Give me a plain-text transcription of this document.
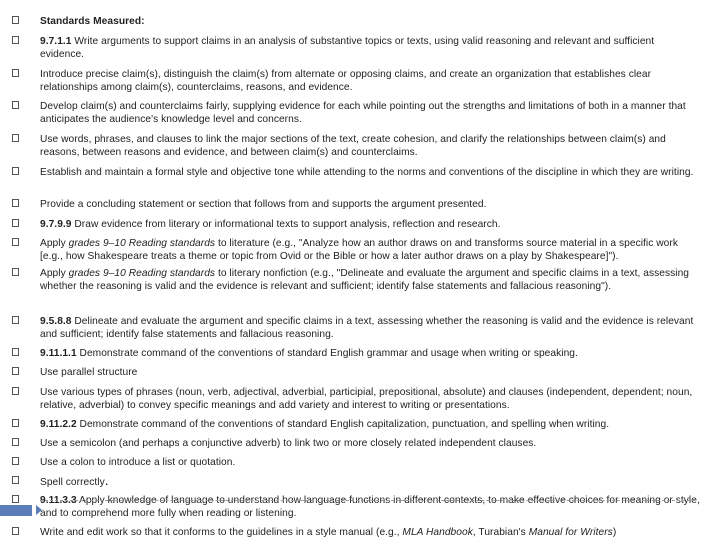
Standards Measured:
9.7.1.1 Write arguments to support claims in an analysis of substantive topics or texts, using valid reasoning and relevant and sufficient evidence.
Introduce precise claim(s), distinguish the claim(s) from alternate or opposing claims, and create an organization that establishes clear relationships among claim(s), counterclaims, reasons, and evidence.
Develop claim(s) and counterclaims fairly, supplying evidence for each while pointing out the strengths and limitations of both in a manner that anticipates the audience's knowledge level and concerns.
Use words, phrases, and clauses to link the major sections of the text, create cohesion, and clarify the relationships between claim(s) and reasons, between reasons and evidence, and between claim(s) and counterclaims.
Establish and maintain a formal style and objective tone while attending to the norms and conventions of the discipline in which they are writing.
Provide a concluding statement or section that follows from and supports the argument presented.
9.7.9.9 Draw evidence from literary or informational texts to support analysis, reflection and research.
Apply grades 9–10 Reading standards to literature (e.g., "Analyze how an author draws on and transforms source material in a specific work [e.g., how Shakespeare treats a theme or topic from Ovid or the Bible or how a later author draws on a play by Shakespeare]").
Apply grades 9–10 Reading standards to literary nonfiction (e.g., "Delineate and evaluate the argument and specific claims in a text, assessing whether the reasoning is valid and the evidence is relevant and sufficient; identify false statements and fallacious reasoning").
9.5.8.8 Delineate and evaluate the argument and specific claims in a text, assessing whether the reasoning is valid and the evidence is relevant and sufficient; identify false statements and fallacious reasoning.
9.11.1.1 Demonstrate command of the conventions of standard English grammar and usage when writing or speaking.
Use parallel structure
Use various types of phrases (noun, verb, adjectival, adverbial, participial, prepositional, absolute) and clauses (independent, dependent; noun, relative, adverbial) to convey specific meanings and add variety and interest to writing or presentations.
9.11.2.2 Demonstrate command of the conventions of standard English capitalization, punctuation, and spelling when writing.
Use a semicolon (and perhaps a conjunctive adverb) to link two or more closely related independent clauses.
Use a colon to introduce a list or quotation.
Spell correctly.
9.11.3.3 Apply knowledge of language to understand how language functions in different contexts, to make effective choices for meaning or style, and to comprehend more fully when reading or listening.
Write and edit work so that it conforms to the guidelines in a style manual (e.g., MLA Handbook, Turabian's Manual for Writers)
